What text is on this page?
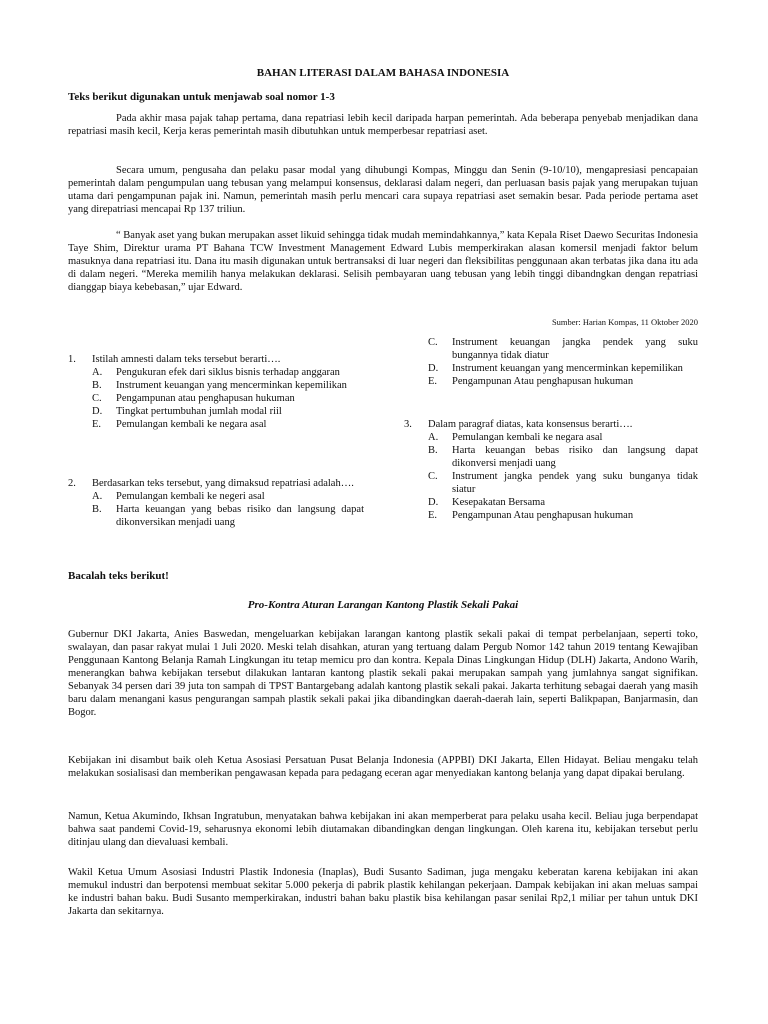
BAHAN LITERASI DALAM BAHASA INDONESIA
Teks berikut digunakan untuk menjawab soal nomor 1-3

Pada akhir masa pajak tahap pertama, dana repatriasi lebih kecil daripada harpan pemerintah. Ada beberapa penyebab menjadikan dana repatriasi masih kecil, Kerja keras pemerintah masih dibutuhkan untuk memperbesar repatriasi aset.

Secara umum, pengusaha dan pelaku pasar modal yang dihubungi Kompas, Minggu dan Senin (9-10/10), mengapresiasi pencapaian pemerintah dalam pengumpulan uang tebusan yang melampui konsensus, deklarasi dalam negeri, dan perluasan basis pajak yang merupakan tujuan utama dari pengampunan pajak ini. Namun, pemerintah masih perlu mencari cara supaya repatriasi aset semakin besar. Pada periode pertama aset yang direpatriasi mencapai Rp 137 triliun.

“ Banyak aset yang bukan merupakan asset likuid sehingga tidak mudah memindahkannya,” kata Kepala Riset Daewo Securitas Indonesia Taye Shim, Direktur urama PT Bahana TCW Investment Management Edward Lubis memperkirakan alasan komersil menjadi faktor belum masuknya dana repatriasi itu. Dana itu masih digunakan untuk bertransaksi di luar negeri dan fleksibilitas penggunaan akan terbatas jika dana itu ada di dalam negeri. “Mereka memilih hanya melakukan deklarasi. Selisih pembayaran uang tebusan yang lebih tinggi dibandngkan dengan repatriasi dianggap biaya kebebasan,” ujar Edward.

Sumber: Harian Kompas, 11 Oktober 2020
1.	Istilah amnesti dalam teks tersebut berarti….
A.	Pengukuran efek dari siklus bisnis terhadap anggaran
B.	Instrument keuangan yang mencerminkan kepemilikan
C.	Pengampunan atau penghapusan hukuman
D.	Tingkat pertumbuhan jumlah modal riil
E.	Pemulangan kembali ke negara asal
2.	Berdasarkan teks tersebut, yang dimaksud repatriasi adalah….
A.	Pemulangan kembali ke negeri asal
B.	Harta keuangan yang bebas risiko dan langsung dapat dikonversikan menjadi uang
C.	Instrument keuangan jangka pendek yang suku bungannya tidak diatur
D.	Instrument keuangan yang mencerminkan kepemilikan
E.	Pengampunan Atau penghapusan hukuman
3.	Dalam paragraf diatas, kata konsensus berarti….
A.	Pemulangan kembali ke negara asal
B.	Harta keuangan bebas risiko dan langsung dapat dikonversi menjadi uang
C.	Instrument jangka pendek yang suku bunganya tidak siatur
D.	Kesepakatan Bersama
E.	Pengampunan Atau penghapusan hukuman
Bacalah teks berikut!
Pro-Kontra Aturan Larangan Kantong Plastik Sekali Pakai

Gubernur DKI Jakarta, Anies Baswedan, mengeluarkan kebijakan larangan kantong plastik sekali pakai di tempat perbelanjaan, seperti toko, swalayan, dan pasar rakyat mulai 1 Juli 2020. Meski telah disahkan, aturan yang tertuang dalam Pergub Nomor 142 tahun 2019 tentang Kewajiban Penggunaan Kantong Belanja Ramah Lingkungan itu tetap memicu pro dan kontra. Kepala Dinas Lingkungan Hidup (DLH) Jakarta, Andono Warih, menerangkan bahwa kebijakan tersebut dilakukan lantaran kantong plastik sekali pakai merupakan sampah yang jumlahnya sangat signifikan. Sebanyak 34 persen dari 39 juta ton sampah di TPST Bantargebang adalah kantong plastik sekali pakai. Jakarta terhitung sebagai daerah yang masih baru dalam menangani kasus pengurangan sampah plastik sekali pakai jika dibandingkan daerah-daerah lain, seperti Balikpapan, Banjarmasin, dan Bogor.

Kebijakan ini disambut baik oleh Ketua Asosiasi Persatuan Pusat Belanja Indonesia (APPBI) DKI Jakarta, Ellen Hidayat. Beliau mengaku telah melakukan sosialisasi dan memberikan pengawasan kepada para pedagang eceran agar menyediakan kantong belanja yang dapat dipakai berulang.

Namun, Ketua Akumindo, Ikhsan Ingratubun, menyatakan bahwa kebijakan ini akan memperberat para pelaku usaha kecil. Beliau juga berpendapat bahwa saat pandemi Covid-19, seharusnya ekonomi lebih diutamakan dibandingkan dengan lingkungan. Oleh karena itu, kebijakan tersebut perlu ditinjau ulang dan dievaluasi kembali.

Wakil Ketua Umum Asosiasi Industri Plastik Indonesia (Inaplas), Budi Susanto Sadiman, juga mengaku keberatan karena kebijakan ini akan memukul industri dan berpotensi membuat sekitar 5.000 pekerja di pabrik plastik kehilangan pekerjaan. Dampak kebijakan ini akan meluas sampai ke industri bahan baku. Budi Susanto memperkirakan, industri bahan baku plastik bisa kehilangan pasar senilai Rp2,1 miliar per tahun untuk DKI Jakarta dan sekitarnya.
